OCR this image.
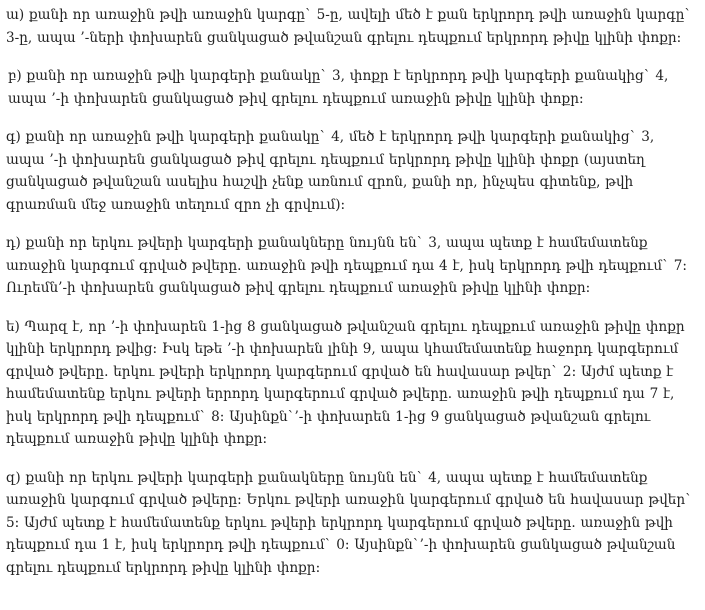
ա) քանի որ առաջին թվի առաջին կարգը` 5-ը, ավելի մեծ է քան երկրորդ թվի առաջին կարգը` 3-ը, ապա ’-ների փոխարեն ցանկացած թվանշան գրելու դեպքում երկրորդ թիվը կլինի փոքր:

բ) քանի որ առաջին թվի կարգերի քանակը` 3, փոքր է երկրորդ թվի կարգերի քանակից` 4, ապա ’-ի փոխարեն ցանկացած թիվ գրելու դեպքում առաջին թիվը կլինի փոքր:

գ) քանի որ առաջին թվի կարգերի քանակը` 4, մեծ է երկրորդ թվի կարգերի քանակից` 3, ապա ’-ի փոխարեն ցանկացած թիվ գրելու դեպքում երկրորդ թիվը կլինի փոքր (այստեղ ցանկացած թվանշան ասելիս հաշվի չենք առնում զրոն, քանի որ, ինչպես գիտենք, թվի գրառման մեջ առաջին տեղում զրո չի գրվում):

դ) քանի որ երկու թվերի կարգերի քանակները նույնն են` 3, ապա պետք է համեմատենք առաջին կարգում գրված թվերը. առաջին թվի դեպքում դա 4 է, իսկ երկրորդ թվի դեպքում` 7: Ուրեմն’-ի փոխարեն ցանկացած թիվ գրելու դեպքում առաջին թիվը կլինի փոքր:

ե) Պարզ է, որ ’-ի փոխարեն 1-ից 8 ցանկացած թվանշան գրելու դեպքում առաջին թիվը փոքր կլինի երկրորդ թվից: Իսկ եթե ’-ի փոխարեն լինի 9, ապա կհամեմատենք հաջորդ կարգերում գրված թվերը. երկու թվերի երկրորդ կարգերում գրված են հավասար թվեր` 2: Այժմ պետք է համեմատենք երկու թվերի երրորդ կարգերում գրված թվերը. առաջին թվի դեպքում դա 7 է, իսկ երկրորդ թվի դեպքում` 8: Այսինքն`’-ի փոխարեն 1-ից 9 ցանկացած թվանշան գրելու դեպքում առաջին թիվը կլինի փոքր:

զ) քանի որ երկու թվերի կարգերի քանակները նույնն են` 4, ապա պետք է համեմատենք առաջին կարգում գրված թվերը: Երկու թվերի առաջին կարգերում գրված են հավասար թվեր` 5: Այժմ պետք է համեմատենք երկու թվերի երկրորդ կարգերում գրված թվերը. առաջին թվի դեպքում դա 1 է, իսկ երկրորդ թվի դեպքում` 0: Այսինքն`’-ի փոխարեն ցանկացած թվանշան գրելու դեպքում երկրորդ թիվը կլինի փոքր:
